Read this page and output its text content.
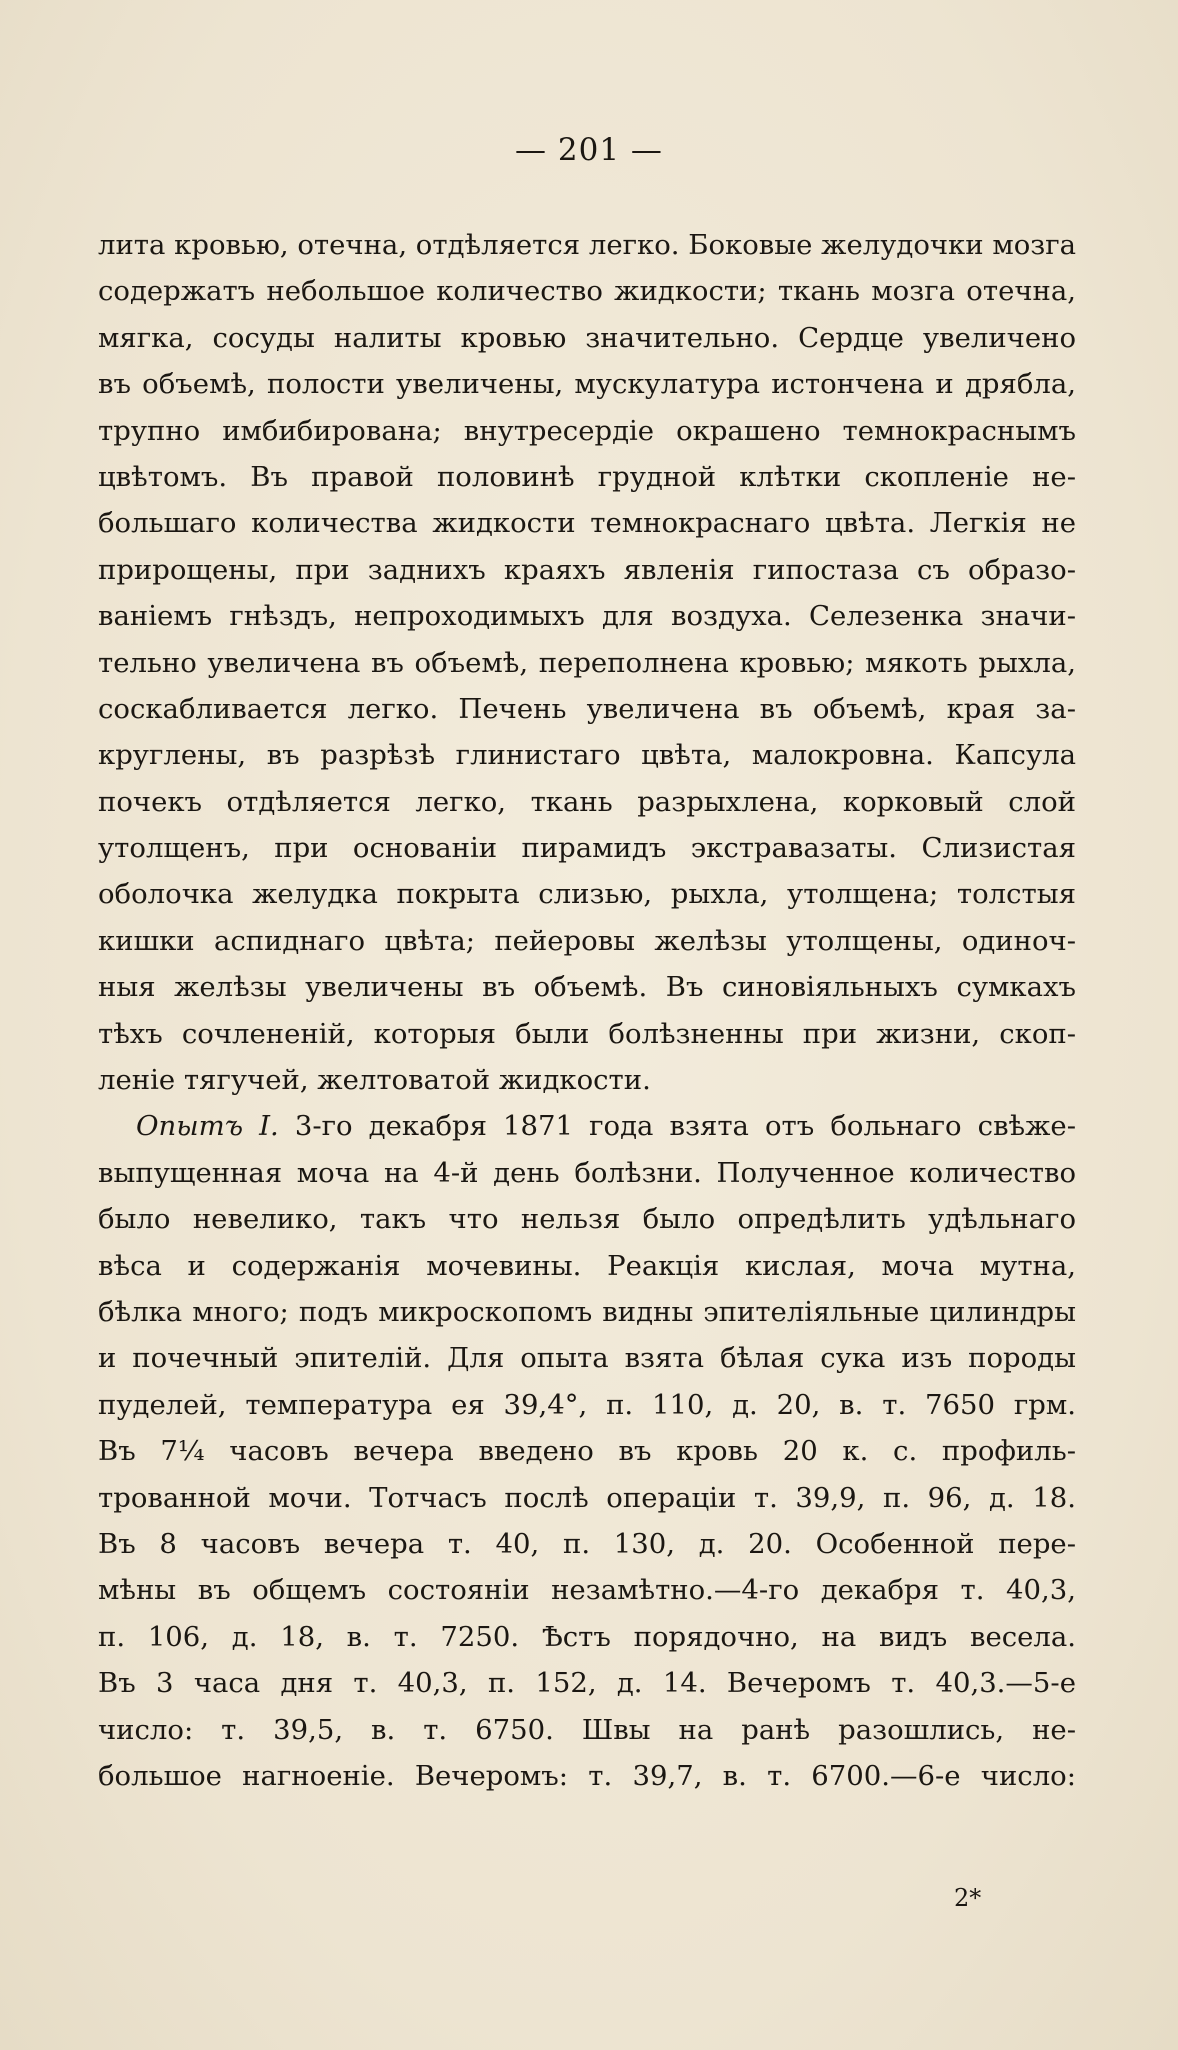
— 201 —
лита кровью, отечна, отдѣляется легко. Боковые желудочки мозга
содержатъ небольшое количество жидкости; ткань мозга отечна,
мягка, сосуды налиты кровью значительно. Сердце увеличено
въ объемѣ, полости увеличены, мускулатура истончена и дрябла,
трупно имбибирована; внутресердіе окрашено темнокраснымъ
цвѣтомъ. Въ правой половинѣ грудной клѣтки скопленіе не-
большаго количества жидкости темнокраснаго цвѣта. Легкія не
прирощены, при заднихъ краяхъ явленія гипостаза съ образо-
ваніемъ гнѣздъ, непроходимыхъ для воздуха. Селезенка значи-
тельно увеличена въ объемѣ, переполнена кровью; мякоть рыхла,
соскабливается легко. Печень увеличена въ объемѣ, края за-
круглены, въ разрѣзѣ глинистаго цвѣта, малокровна. Капсула
почекъ отдѣляется легко, ткань разрыхлена, корковый слой
утолщенъ, при основаніи пирамидъ экстравазаты. Слизистая
оболочка желудка покрыта слизью, рыхла, утолщена; толстыя
кишки аспиднаго цвѣта; пейеровы желѣзы утолщены, одиноч-
ныя желѣзы увеличены въ объемѣ. Въ синовіяльныхъ сумкахъ
тѣхъ сочлененій, которыя были болѣзненны при жизни, скоп-
леніе тягучей, желтоватой жидкости.
Опытъ I. 3-го декабря 1871 года взята отъ больнаго свѣже-
выпущенная моча на 4-й день болѣзни. Полученное количество
было невелико, такъ что нельзя было опредѣлить удѣльнаго
вѣса и содержанія мочевины. Реакція кислая, моча мутна,
бѣлка много; подъ микроскопомъ видны эпителіяльные цилиндры
и почечный эпителій. Для опыта взята бѣлая сука изъ породы
пуделей, температура ея 39,4°, п. 110, д. 20, в. т. 7650 грм.
Въ 7¼ часовъ вечера введено въ кровь 20 к. с. профиль-
трованной мочи. Тотчасъ послѣ операціи т. 39,9, п. 96, д. 18.
Въ 8 часовъ вечера т. 40, п. 130, д. 20. Особенной пере-
мѣны въ общемъ состояніи незамѣтно.—4-го декабря т. 40,3,
п. 106, д. 18, в. т. 7250. Ѣстъ порядочно, на видъ весела.
Въ 3 часа дня т. 40,3, п. 152, д. 14. Вечеромъ т. 40,3.—5-е
число: т. 39,5, в. т. 6750. Швы на ранѣ разошлись, не-
большое нагноеніе. Вечеромъ: т. 39,7, в. т. 6700.—6-е число:
2*
